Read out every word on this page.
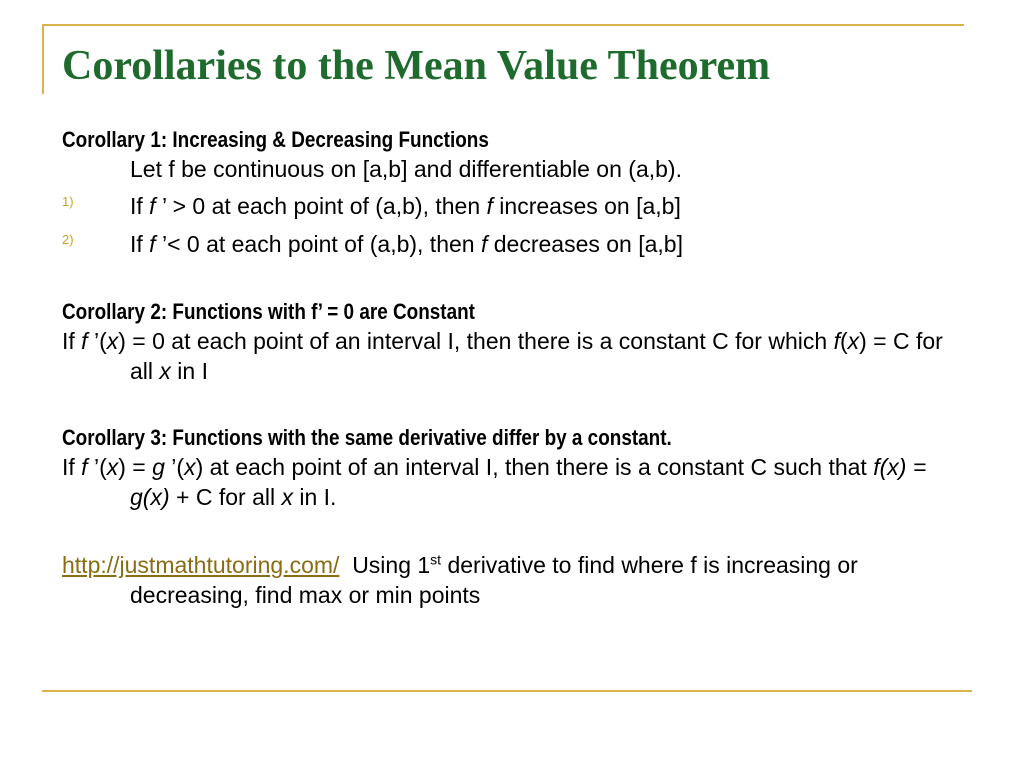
Corollaries to the Mean Value Theorem
Corollary 1: Increasing & Decreasing Functions
Let f be continuous on [a,b] and differentiable on (a,b).
1) If f ’ > 0 at each point of (a,b), then f increases on [a,b]
2) If f ’< 0 at each point of (a,b), then f decreases on [a,b]
Corollary 2: Functions with f’ = 0 are Constant
If f ’(x) = 0 at each point of an interval I, then there is a constant C for which f(x) = C for all x in I
Corollary 3: Functions with the same derivative differ by a constant.
If f ’(x) = g ’(x) at each point of an interval I, then there is a constant C such that f(x) = g(x) + C for all x in I.
http://justmathtutoring.com/ Using 1st derivative to find where f is increasing or decreasing, find max or min points
